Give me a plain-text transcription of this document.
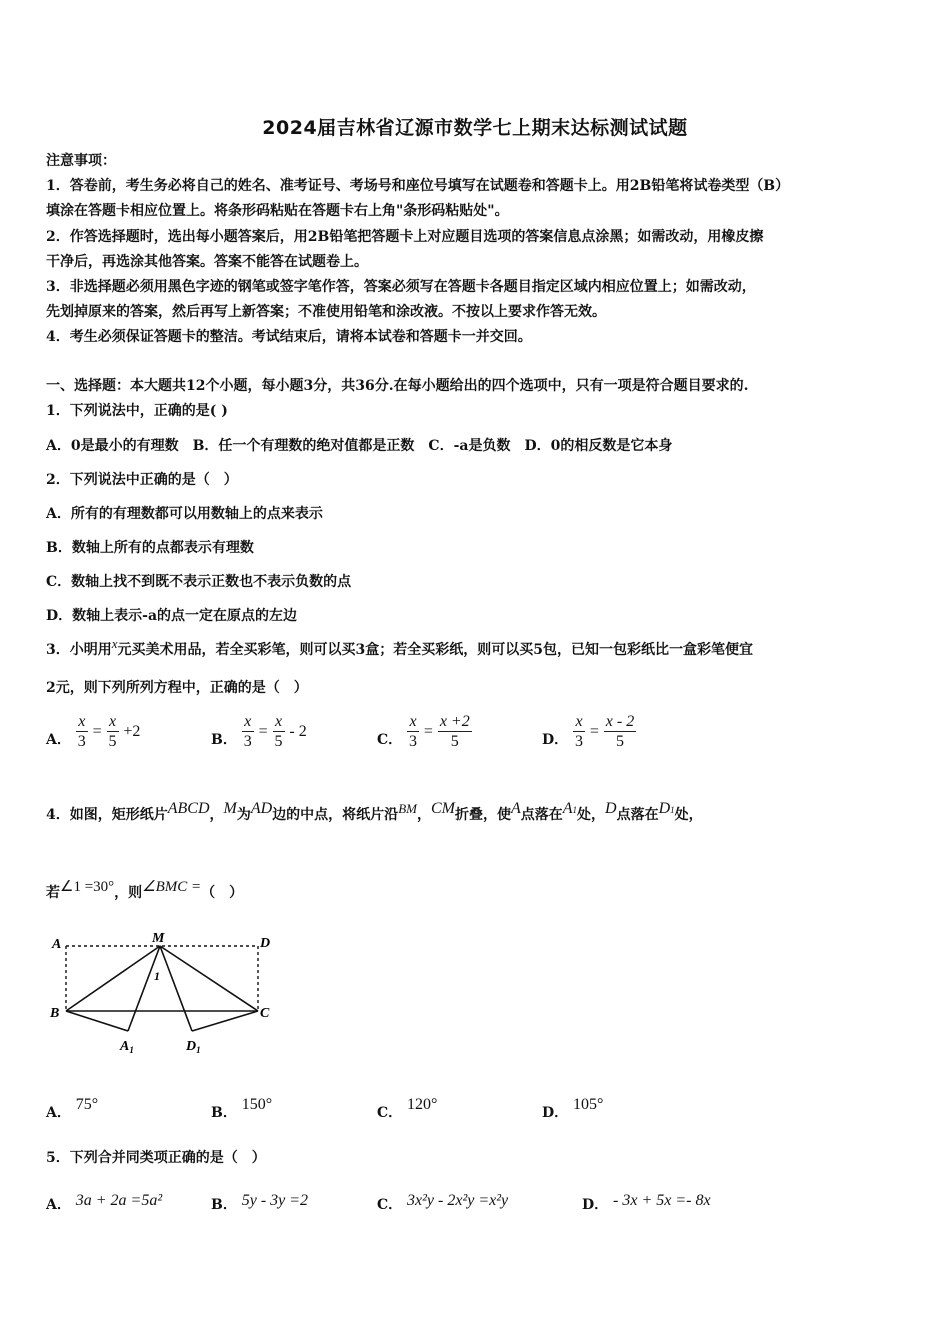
2024届吉林省辽源市数学七上期末达标测试试题
注意事项：
1．答卷前，考生务必将自己的姓名、准考证号、考场号和座位号填写在试题卷和答题卡上。用2B铅笔将试卷类型（B）
填涂在答题卡相应位置上。将条形码粘贴在答题卡右上角"条形码粘贴处"。
2．作答选择题时，选出每小题答案后，用2B铅笔把答题卡上对应题目选项的答案信息点涂黑；如需改动，用橡皮擦
干净后，再选涂其他答案。答案不能答在试题卷上。
3．非选择题必须用黑色字迹的钢笔或签字笔作答，答案必须写在答题卡各题目指定区域内相应位置上；如需改动，
先划掉原来的答案，然后再写上新答案；不准使用铅笔和涂改液。不按以上要求作答无效。
4．考生必须保证答题卡的整洁。考试结束后，请将本试卷和答题卡一并交回。
一、选择题：本大题共12个小题，每小题3分，共36分.在每小题给出的四个选项中，只有一项是符合题目要求的.
1．下列说法中，正确的是( )
A．0是最小的有理数　B．任一个有理数的绝对值都是正数　C．-a是负数　D．0的相反数是它本身
2．下列说法中正确的是（　）
A．所有的有理数都可以用数轴上的点来表示
B．数轴上所有的点都表示有理数
C．数轴上找不到既不表示正数也不表示负数的点
D．数轴上表示-a的点一定在原点的左边
3．小明用x元买美术用品，若全买彩笔，则可以买3盒；若全买彩纸，则可以买5包，已知一包彩纸比一盒彩笔便宜
2元，则下列所列方程中，正确的是（　）
A． $\frac{x}{3} = \frac{x}{5} +2$	B． $\frac{x}{3} = \frac{x}{5} - 2$	C． $\frac{x}{3} = \frac{x +2}{5}$	D． $\frac{x}{3} = \frac{x - 2}{5}$
4．如图，矩形纸片ABCD，M为AD边的中点，将纸片沿BM，CM折叠，使A点落在A1处，D点落在D1处，
若∠1 =30°，则∠BMC =（　）
A	M	D
B	C
1
$A_1$	$D_1$
A． 75°	B． 150°	C． 120°	D． 105°
5．下列合并同类项正确的是（　）
A． 3a + 2a =5a²	B． 5y - 3y =2	C． 3x²y - 2x²y =x²y	D． - 3x + 5x =- 8x
